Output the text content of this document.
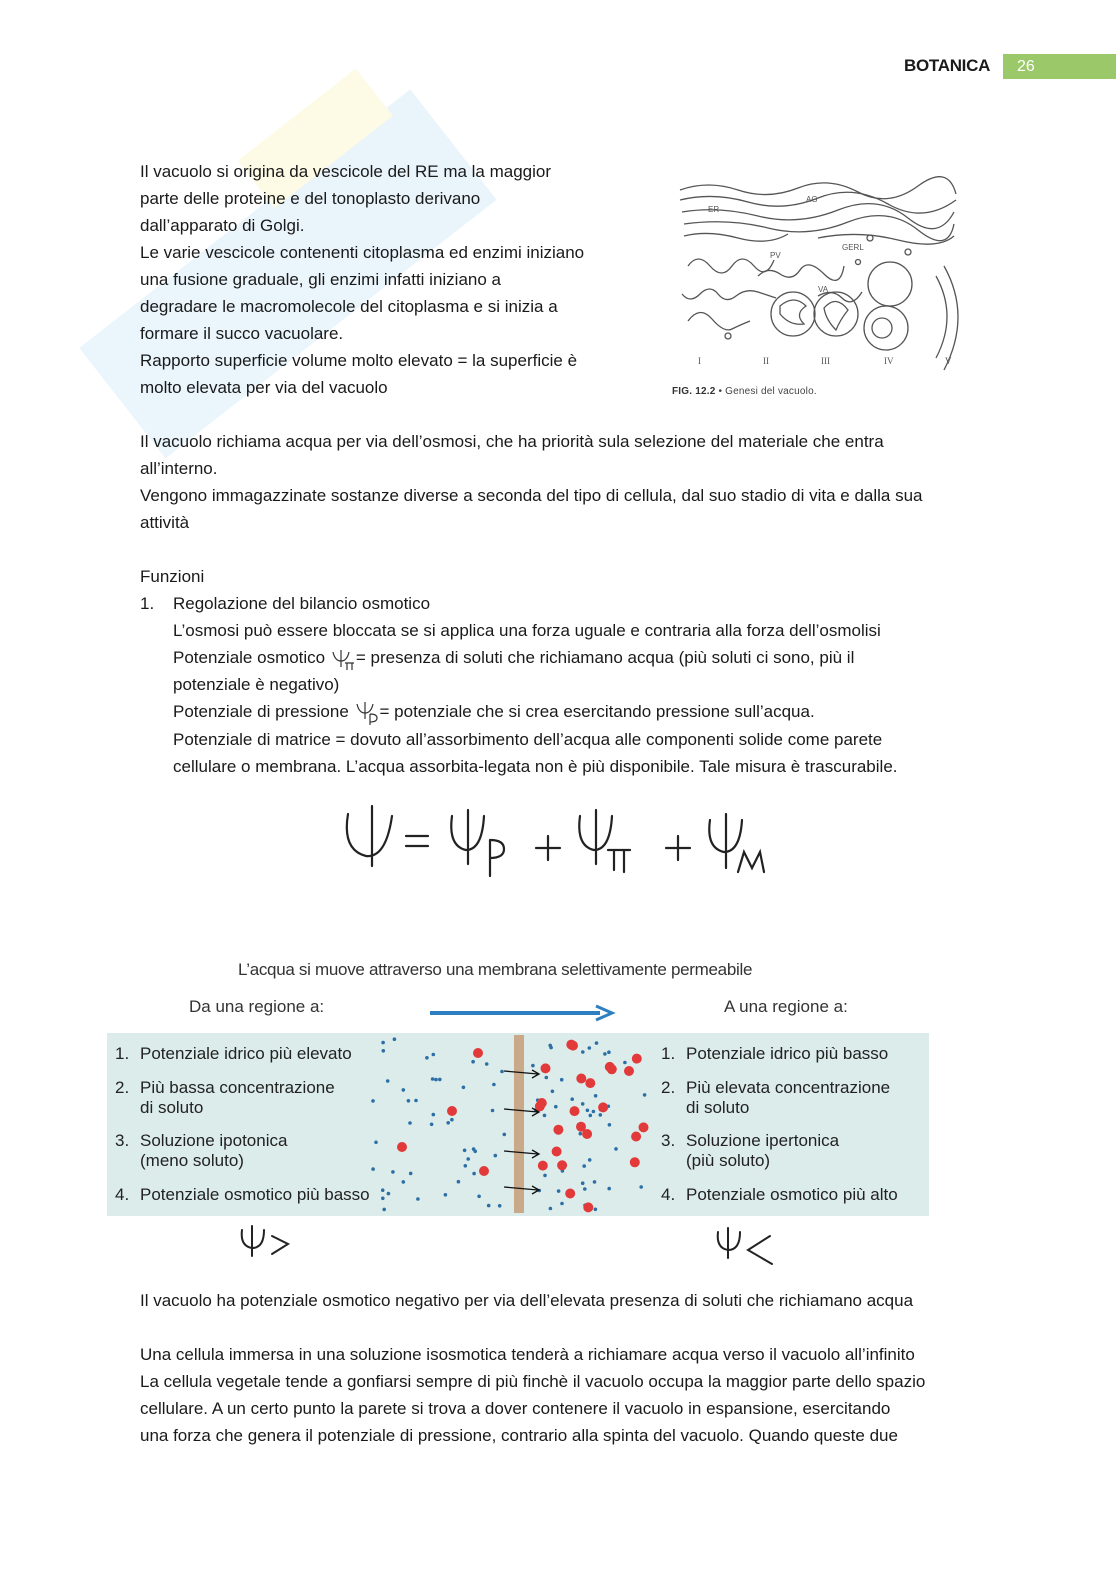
BOTANICA	26
Il vacuolo si origina da vescicole del RE ma la maggior
parte delle proteine e del tonoplasto derivano
dall’apparato di Golgi.
Le varie vescicole contenenti citoplasma ed enzimi iniziano
una fusione graduale, gli enzimi infatti iniziano a
degradare le macromolecole del citoplasma e si inizia a
formare il succo vacuolare.
Rapporto superficie volume molto elevato = la superficie è
molto elevata per via del vacuolo
AG
ER
GERL
PV
VA
I	II	III	IV	V
FIG. 12.2 • Genesi del vacuolo.
Il vacuolo richiama acqua per via dell’osmosi, che ha priorità sula selezione del materiale che entra
all’interno.
Vengono immagazzinate sostanze diverse a seconda del tipo di cellula, dal suo stadio di vita e dalla sua
attività
Funzioni
1. Regolazione del bilancio osmotico
L’osmosi può essere bloccata se si applica una forza uguale e contraria alla forza dell’osmolisi
Potenziale osmotico = presenza di soluti che richiamano acqua (più soluti ci sono, più il
potenziale è negativo)
Potenziale di pressione = potenziale che si crea esercitando pressione sull’acqua.
Potenziale di matrice = dovuto all’assorbimento dell’acqua alle componenti solide come parete
cellulare o membrana. L’acqua assorbita-legata non è più disponibile. Tale misura è trascurabile.
L’acqua si muove attraverso una membrana selettivamente permeabile
Da una regione a:	A una regione a:
1. Potenziale idrico più elevato
2. Più bassa concentrazione
di soluto
3. Soluzione ipotonica
(meno soluto)
4. Potenziale osmotico più basso
1. Potenziale idrico più basso
2. Più elevata concentrazione
di soluto
3. Soluzione ipertonica
(più soluto)
4. Potenziale osmotico più alto
Il vacuolo ha potenziale osmotico negativo per via dell’elevata presenza di soluti che richiamano acqua
Una cellula immersa in una soluzione isosmotica tenderà a richiamare acqua verso il vacuolo all’infinito
La cellula vegetale tende a gonfiarsi sempre di più finchè il vacuolo occupa la maggior parte dello spazio
cellulare. A un certo punto la parete si trova a dover contenere il vacuolo in espansione, esercitando
una forza che genera il potenziale di pressione, contrario alla spinta del vacuolo. Quando queste due
